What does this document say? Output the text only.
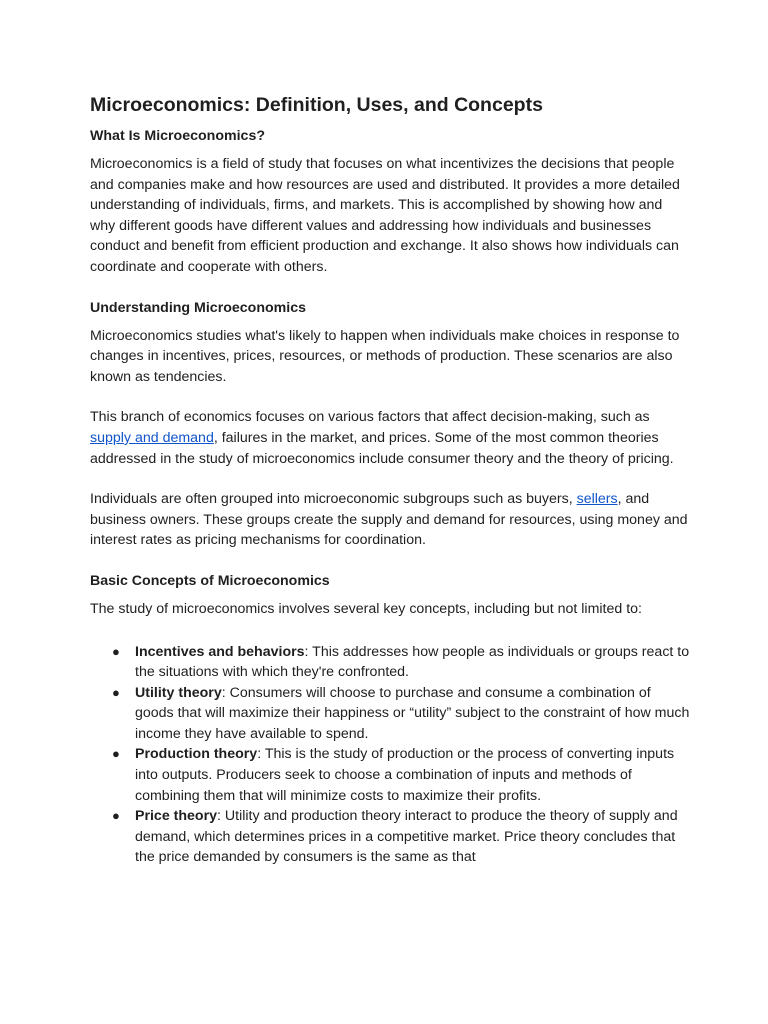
Microeconomics: Definition, Uses, and Concepts
What Is Microeconomics?

Microeconomics is a field of study that focuses on what incentivizes the decisions that people and companies make and how resources are used and distributed. It provides a more detailed understanding of individuals, firms, and markets. This is accomplished by showing how and why different goods have different values and addressing how individuals and businesses conduct and benefit from efficient production and exchange. It also shows how individuals can coordinate and cooperate with others.

Understanding Microeconomics

Microeconomics studies what's likely to happen when individuals make choices in response to changes in incentives, prices, resources, or methods of production. These scenarios are also known as tendencies.

This branch of economics focuses on various factors that affect decision-making, such as supply and demand, failures in the market, and prices. Some of the most common theories addressed in the study of microeconomics include consumer theory and the theory of pricing.

Individuals are often grouped into microeconomic subgroups such as buyers, sellers, and business owners. These groups create the supply and demand for resources, using money and interest rates as pricing mechanisms for coordination.

Basic Concepts of Microeconomics

The study of microeconomics involves several key concepts, including but not limited to:

● Incentives and behaviors: This addresses how people as individuals or groups react to the situations with which they're confronted.
● Utility theory: Consumers will choose to purchase and consume a combination of goods that will maximize their happiness or “utility” subject to the constraint of how much income they have available to spend.
● Production theory: This is the study of production or the process of converting inputs into outputs. Producers seek to choose a combination of inputs and methods of combining them that will minimize costs to maximize their profits.
● Price theory: Utility and production theory interact to produce the theory of supply and demand, which determines prices in a competitive market. Price theory concludes that the price demanded by consumers is the same as that
